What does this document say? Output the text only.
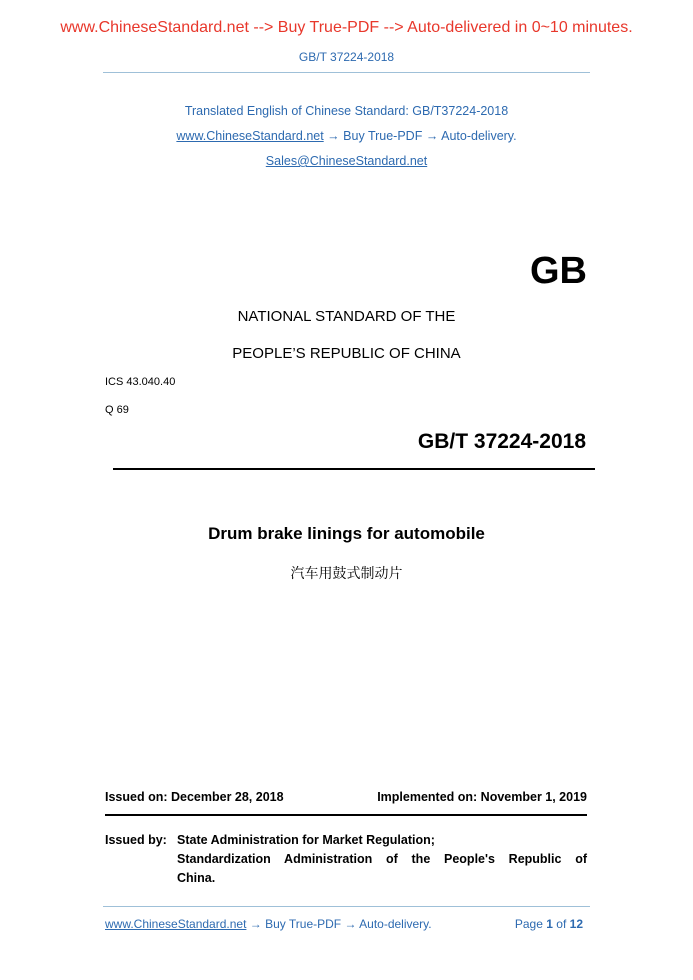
www.ChineseStandard.net --> Buy True-PDF --> Auto-delivered in 0~10 minutes.
GB/T 37224-2018
Translated English of Chinese Standard: GB/T37224-2018
www.ChineseStandard.net → Buy True-PDF → Auto-delivery.
Sales@ChineseStandard.net
GB
NATIONAL STANDARD OF THE
PEOPLE’S REPUBLIC OF CHINA
ICS 43.040.40
Q 69
GB/T 37224-2018
Drum brake linings for automobile
汽车用鼓式制动片
Issued on: December 28, 2018	Implemented on: November 1, 2019
Issued by: State Administration for Market Regulation;
Standardization Administration of the People's Republic of
China.
www.ChineseStandard.net → Buy True-PDF → Auto-delivery.	Page 1 of 12
